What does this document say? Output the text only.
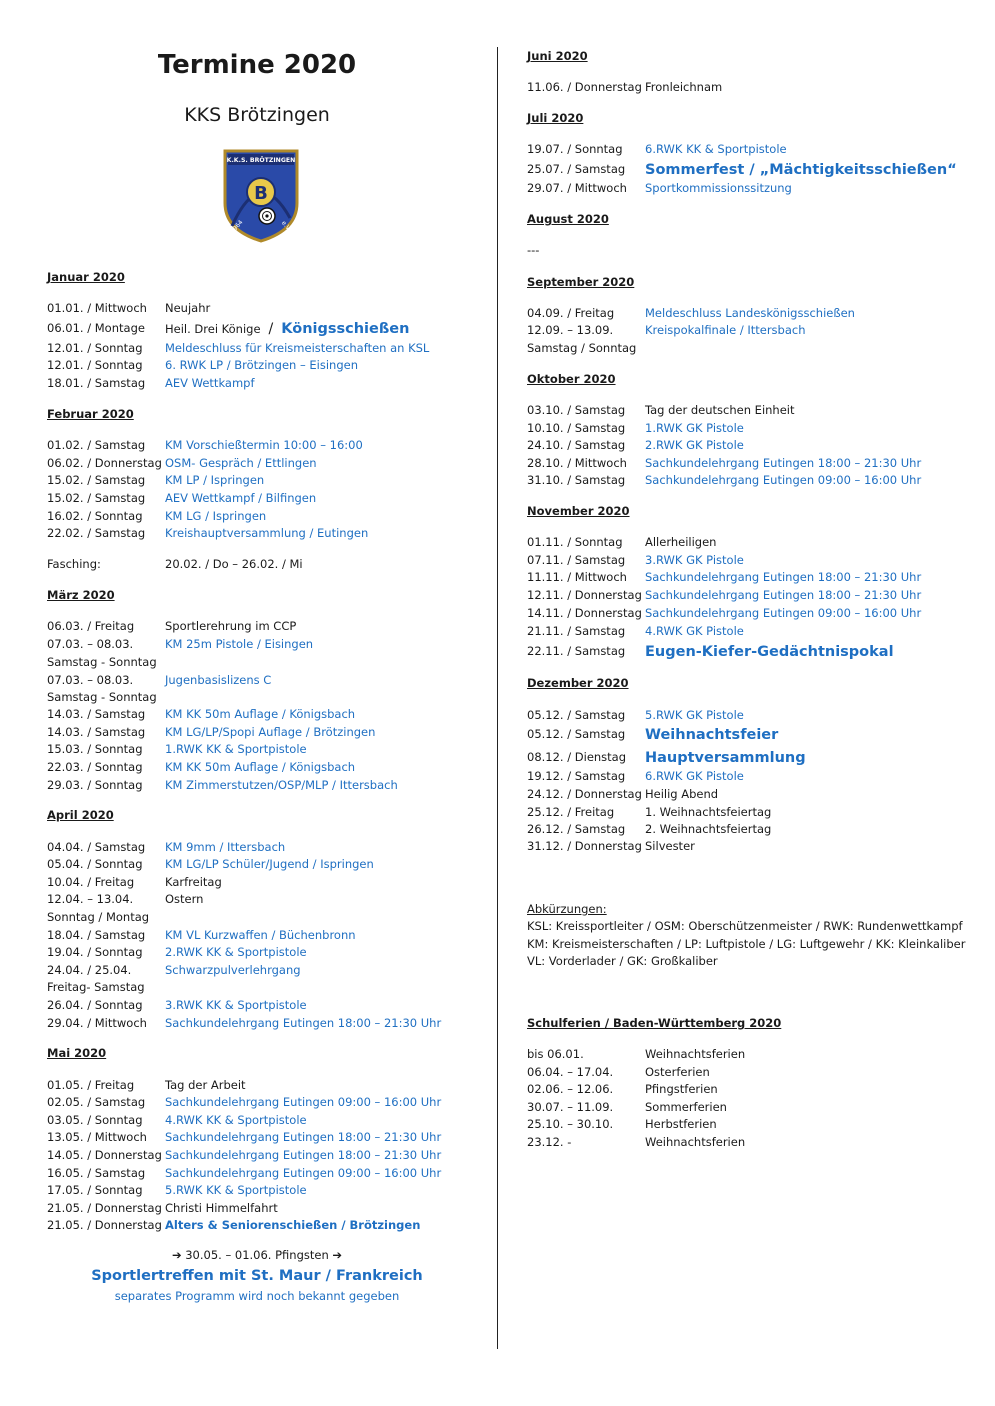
Termine 2020
KKS Brötzingen
K.K.S. BRÖTZINGEN
B
1964	e.V.
Januar 2020
01.01. / Mittwoch Neujahr
06.01. / Montage Heil. Drei Könige / Königsschießen
12.01. / Sonntag Meldeschluss für Kreismeisterschaften an KSL
12.01. / Sonntag 6. RWK LP / Brötzingen – Eisingen
18.01. / Samstag AEV Wettkampf
Februar 2020
01.02. / Samstag KM Vorschießtermin 10:00 – 16:00
06.02. / Donnerstag OSM- Gespräch / Ettlingen
15.02. / Samstag KM LP / Ispringen
15.02. / Samstag AEV Wettkampf / Bilfingen
16.02. / Sonntag KM LG / Ispringen
22.02. / Samstag Kreishauptversammlung / Eutingen
Fasching:	20.02. / Do – 26.02. / Mi
März 2020
06.03. / Freitag	Sportlerehrung im CCP
07.03. – 08.03.	KM 25m Pistole / Eisingen
Samstag - Sonntag
07.03. – 08.03.	Jugenbasislizens C
Samstag - Sonntag
14.03. / Samstag KM KK 50m Auflage / Königsbach
14.03. / Samstag KM LG/LP/Spopi Auflage / Brötzingen
15.03. / Sonntag 1.RWK KK & Sportpistole
22.03. / Sonntag KM KK 50m Auflage / Königsbach
29.03. / Sonntag KM Zimmerstutzen/OSP/MLP / Ittersbach
April 2020
04.04. / Samstag KM 9mm / Ittersbach
05.04. / Sonntag KM LG/LP Schüler/Jugend / Ispringen
10.04. / Freitag	Karfreitag
12.04. – 13.04.	Ostern
Sonntag / Montag
18.04. / Samstag KM VL Kurzwaffen / Büchenbronn
19.04. / Sonntag 2.RWK KK & Sportpistole
24.04. / 25.04.	Schwarzpulverlehrgang
Freitag- Samstag
26.04. / Sonntag 3.RWK KK & Sportpistole
29.04. / Mittwoch Sachkundelehrgang Eutingen 18:00 – 21:30 Uhr
Mai 2020
01.05. / Freitag	Tag der Arbeit
02.05. / Samstag Sachkundelehrgang Eutingen 09:00 – 16:00 Uhr
03.05. / Sonntag 4.RWK KK & Sportpistole
13.05. / Mittwoch Sachkundelehrgang Eutingen 18:00 – 21:30 Uhr
14.05. / Donnerstag Sachkundelehrgang Eutingen 18:00 – 21:30 Uhr
16.05. / Samstag Sachkundelehrgang Eutingen 09:00 – 16:00 Uhr
17.05. / Sonntag 5.RWK KK & Sportpistole
21.05. / Donnerstag Christi Himmelfahrt
21.05. / Donnerstag Alters & Seniorenschießen / Brötzingen
➔ 30.05. – 01.06. Pfingsten ➔
Sportlertreffen mit St. Maur / Frankreich
separates Programm wird noch bekannt gegeben
Juni 2020
11.06. / Donnerstag Fronleichnam
Juli 2020
19.07. / Sonntag 6.RWK KK & Sportpistole
25.07. / Samstag Sommerfest / „Mächtigkeitsschießen“
29.07. / Mittwoch Sportkommissionssitzung
August 2020
---
September 2020
04.09. / Freitag	Meldeschluss Landeskönigsschießen
12.09. – 13.09.	Kreispokalfinale / Ittersbach
Samstag / Sonntag
Oktober 2020
03.10. / Samstag Tag der deutschen Einheit
10.10. / Samstag 1.RWK GK Pistole
24.10. / Samstag 2.RWK GK Pistole
28.10. / Mittwoch Sachkundelehrgang Eutingen 18:00 – 21:30 Uhr
31.10. / Samstag Sachkundelehrgang Eutingen 09:00 – 16:00 Uhr
November 2020
01.11. / Sonntag Allerheiligen
07.11. / Samstag 3.RWK GK Pistole
11.11. / Mittwoch Sachkundelehrgang Eutingen 18:00 – 21:30 Uhr
12.11. / Donnerstag Sachkundelehrgang Eutingen 18:00 – 21:30 Uhr
14.11. / Donnerstag Sachkundelehrgang Eutingen 09:00 – 16:00 Uhr
21.11. / Samstag 4.RWK GK Pistole
22.11. / Samstag Eugen-Kiefer-Gedächtnispokal
Dezember 2020
05.12. / Samstag 5.RWK GK Pistole
05.12. / Samstag Weihnachtsfeier
08.12. / Dienstag Hauptversammlung
19.12. / Samstag 6.RWK GK Pistole
24.12. / Donnerstag Heilig Abend
25.12. / Freitag	1. Weihnachtsfeiertag
26.12. / Samstag 2. Weihnachtsfeiertag
31.12. / Donnerstag Silvester
Abkürzungen:
KSL: Kreissportleiter / OSM: Oberschützenmeister / RWK: Rundenwettkampf
KM: Kreismeisterschaften / LP: Luftpistole / LG: Luftgewehr / KK: Kleinkaliber
VL: Vorderlader / GK: Großkaliber
Schulferien / Baden-Württemberg 2020
bis 06.01.	Weihnachtsferien
06.04. – 17.04.	Osterferien
02.06. – 12.06.	Pfingstferien
30.07. – 11.09.	Sommerferien
25.10. – 30.10.	Herbstferien
23.12. -	Weihnachtsferien
